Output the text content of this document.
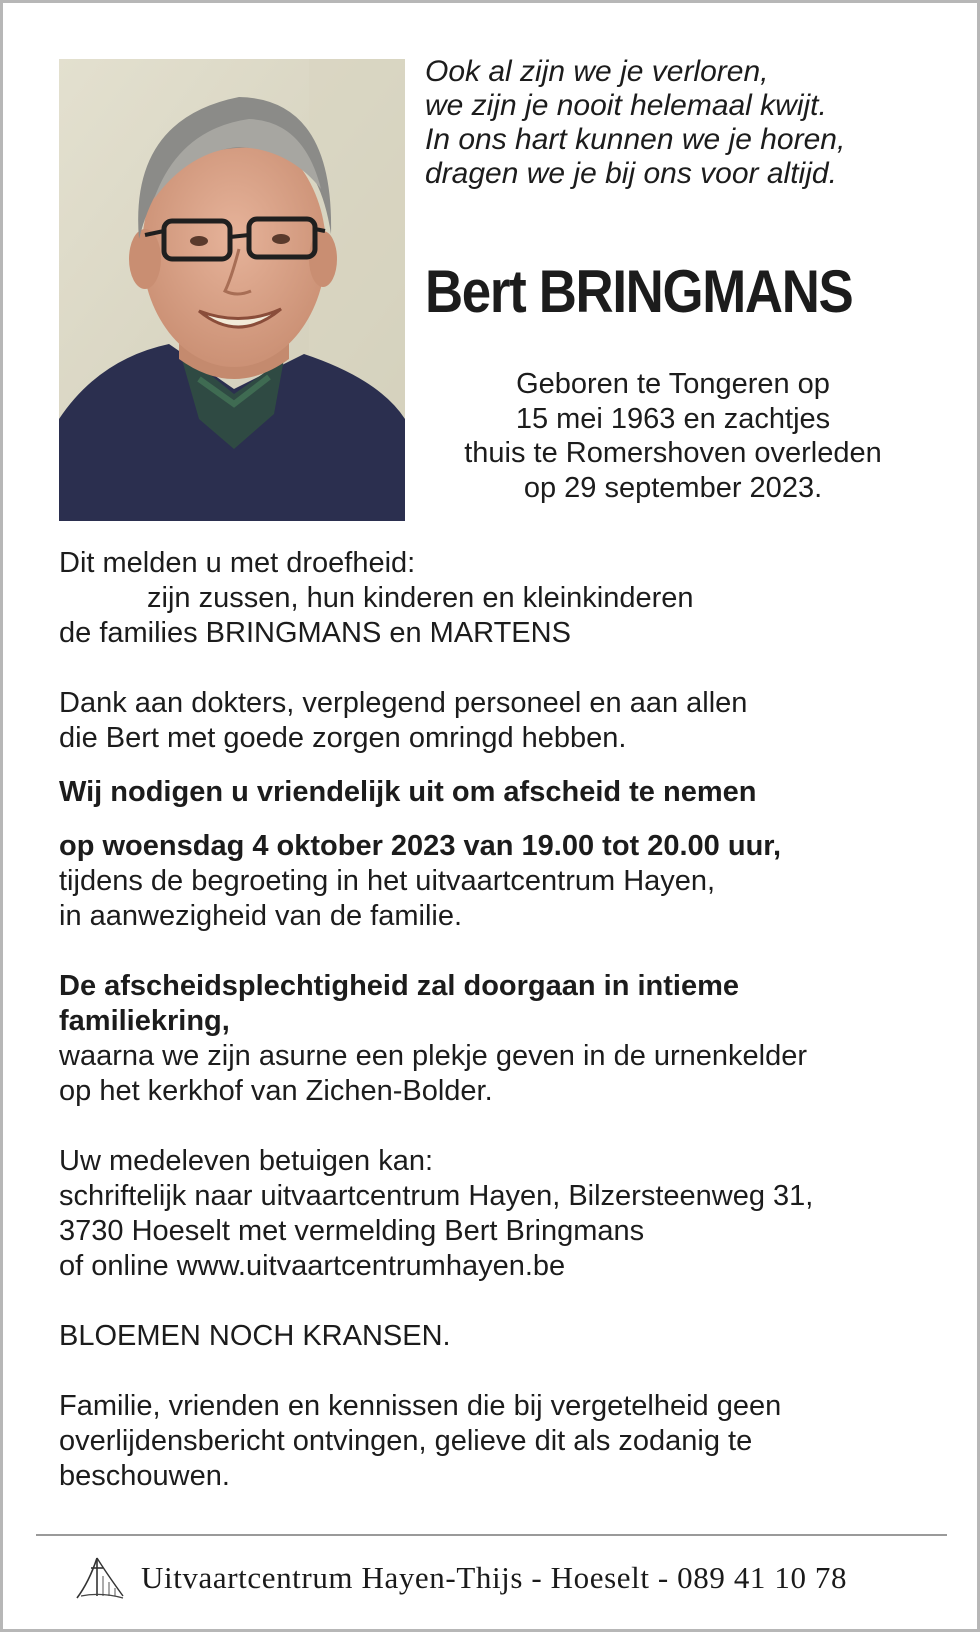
Ook al zijn we je verloren,
we zijn je nooit helemaal kwijt.
In ons hart kunnen we je horen,
dragen we je bij ons voor altijd.
Bert BRINGMANS
Geboren te Tongeren op
15 mei 1963 en zachtjes
thuis te Romershoven overleden
op 29 september 2023.
Dit melden u met droefheid:
zijn zussen, hun kinderen en kleinkinderen
de families BRINGMANS en MARTENS
Dank aan dokters, verplegend personeel en aan allen
die Bert met goede zorgen omringd hebben.
Wij nodigen u vriendelijk uit om afscheid te nemen
op woensdag 4 oktober 2023 van 19.00 tot 20.00 uur,
tijdens de begroeting in het uitvaartcentrum Hayen,
in aanwezigheid van de familie.
De afscheidsplechtigheid zal doorgaan in intieme
familiekring,
waarna we zijn asurne een plekje geven in de urnenkelder
op het kerkhof van Zichen-Bolder.
Uw medeleven betuigen kan:
schriftelijk naar uitvaartcentrum Hayen, Bilzersteenweg 31,
3730 Hoeselt met vermelding Bert Bringmans
of online www.uitvaartcentrumhayen.be
BLOEMEN NOCH KRANSEN.
Familie, vrienden en kennissen die bij vergetelheid geen
overlijdensbericht ontvingen, gelieve dit als zodanig te
beschouwen.
Uitvaartcentrum Hayen-Thijs - Hoeselt - 089 41 10 78
